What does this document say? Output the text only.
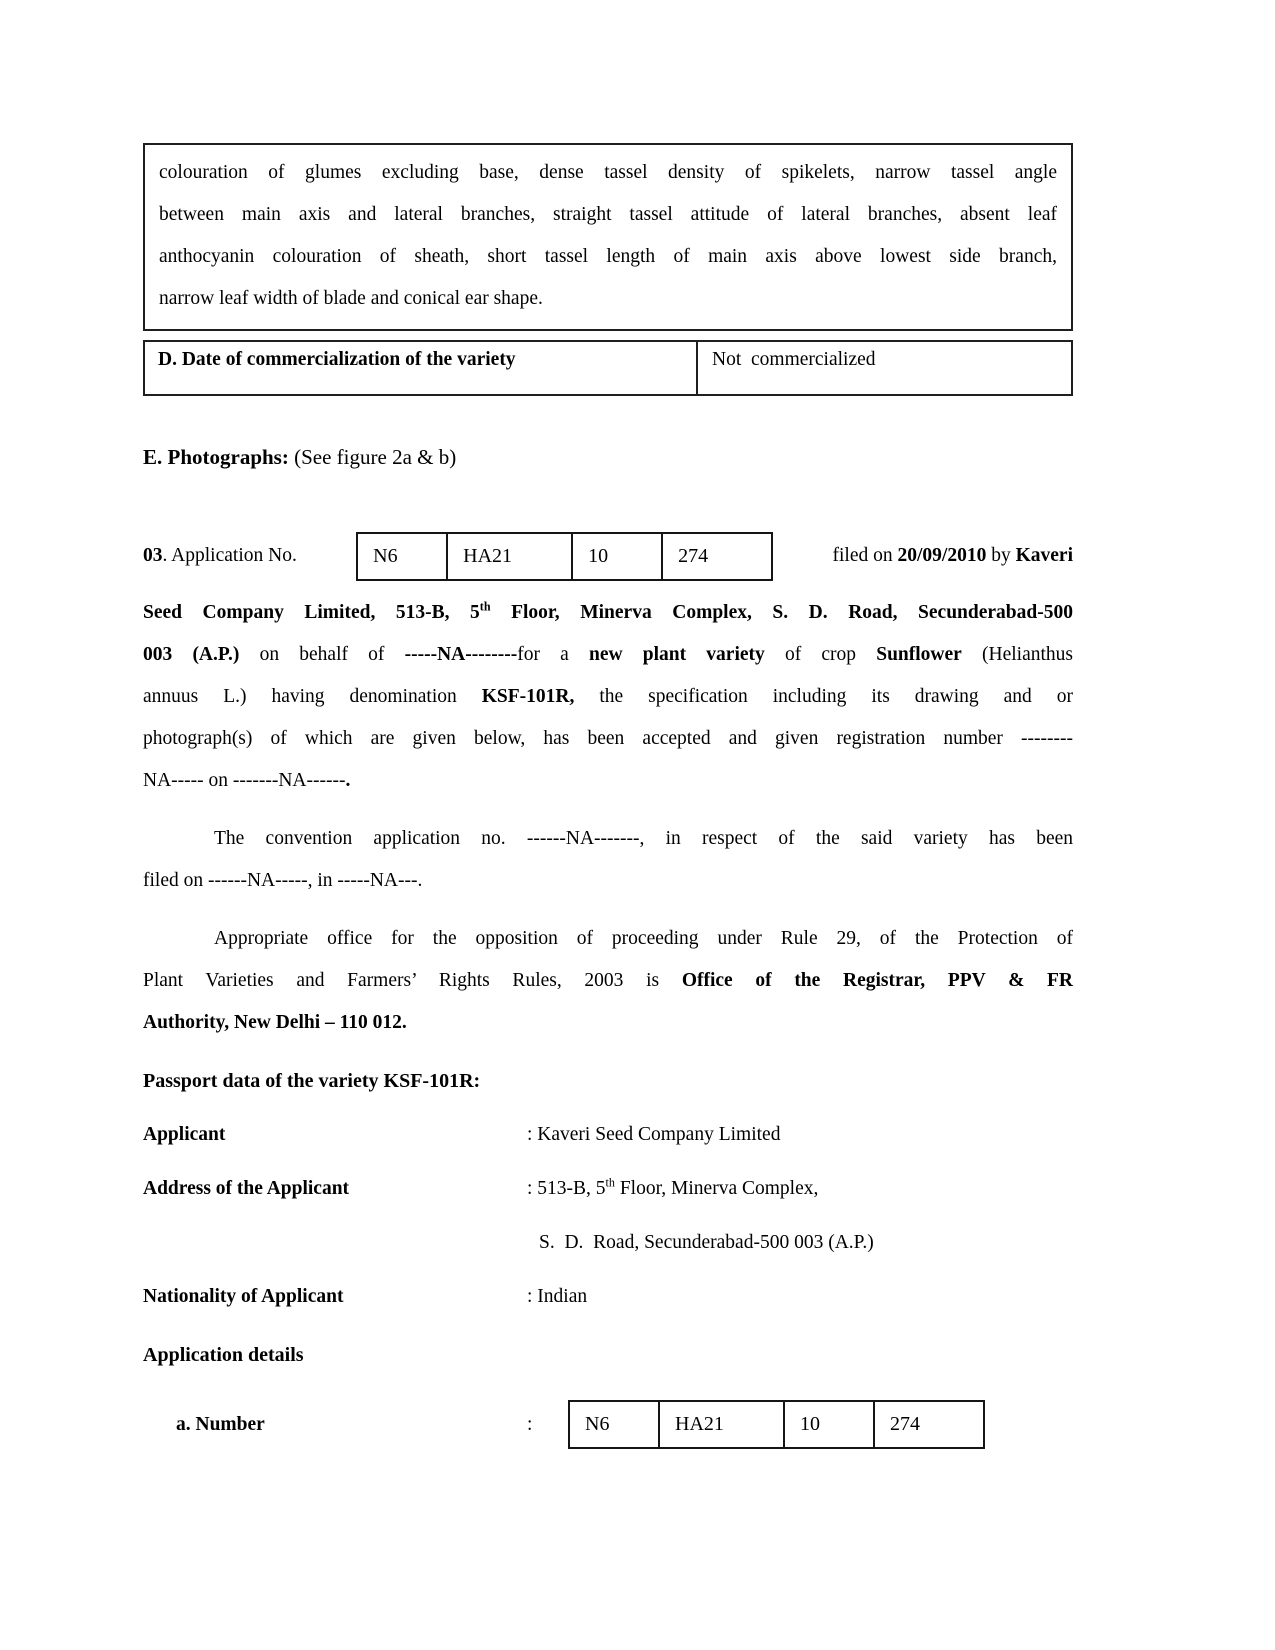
colouration of glumes excluding base, dense tassel density of spikelets, narrow tassel angle
between main axis and lateral branches, straight tassel attitude of lateral branches, absent leaf
anthocyanin colouration of sheath, short tassel length of main axis above lowest side branch,
narrow leaf width of blade and conical ear shape.
D. Date of commercialization of the variety	Not  commercialized
E. Photographs: (See figure 2a & b)
03. Application No.	N6	HA21	10	274	filed on 20/09/2010 by Kaveri
Seed Company Limited, 513-B, 5th Floor, Minerva Complex, S. D. Road, Secunderabad-500
003 (A.P.) on behalf of -----NA--------for a new plant variety of crop Sunflower (Helianthus
annuus L.) having denomination KSF-101R, the specification including its drawing and or
photograph(s) of which are given below, has been accepted and given registration number --------
NA----- on -------NA------.
The convention application no. ------NA-------, in respect of the said variety has been
filed on ------NA-----, in -----NA---.
Appropriate office for the opposition of proceeding under Rule 29, of the Protection of
Plant Varieties and Farmers’ Rights Rules, 2003 is Office of the Registrar, PPV & FR
Authority, New Delhi – 110 012.
Passport data of the variety KSF-101R:
Applicant	: Kaveri Seed Company Limited
Address of the Applicant	: 513-B, 5th Floor, Minerva Complex,
S.  D.  Road, Secunderabad-500 003 (A.P.)
Nationality of Applicant	: Indian
Application details
a. Number	:	N6	HA21	10	274
